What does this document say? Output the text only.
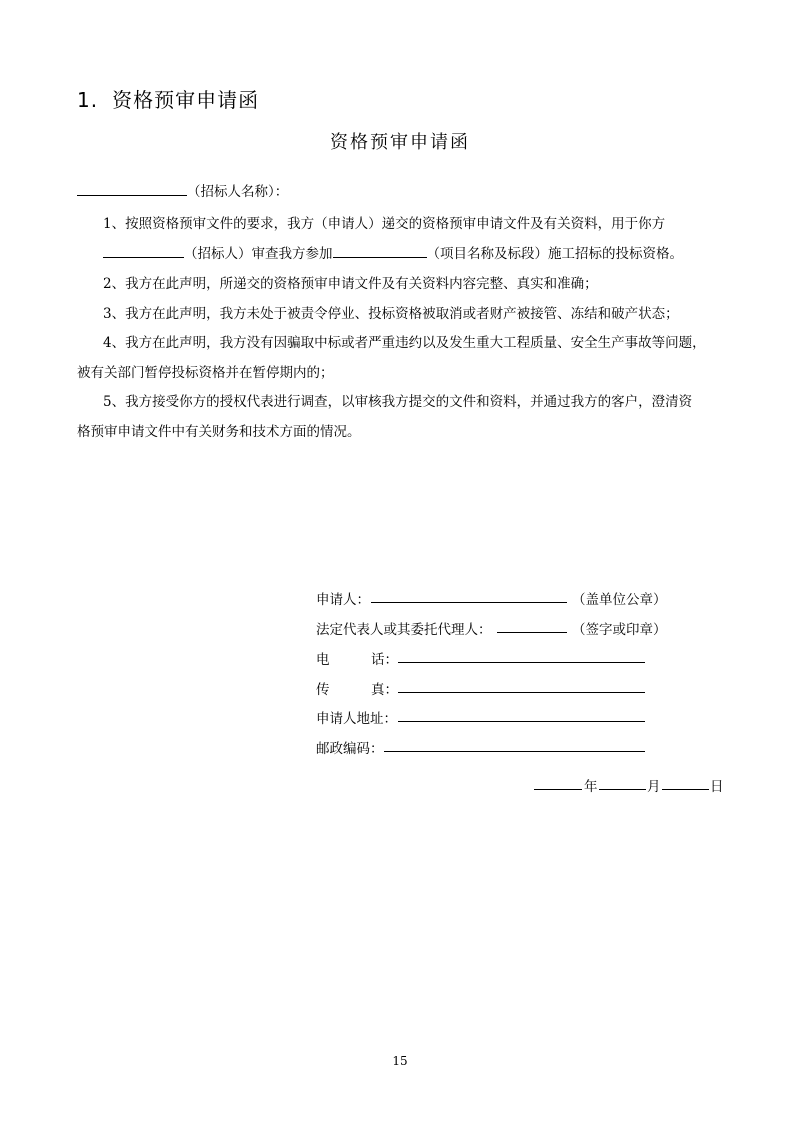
1. 资格预审申请函
资格预审申请函
（招标人名称）：
1、按照资格预审文件的要求，我方（申请人）递交的资格预审申请文件及有关资料，用于你方
（招标人）审查我方参加	（项目名称及标段）施工招标的投标资格。
2、我方在此声明，所递交的资格预审申请文件及有关资料内容完整、真实和准确；
3、我方在此声明，我方未处于被责令停业、投标资格被取消或者财产被接管、冻结和破产状态；
4、我方在此声明，我方没有因骗取中标或者严重违约以及发生重大工程质量、安全生产事故等问题，
被有关部门暂停投标资格并在暂停期内的；
5、我方接受你方的授权代表进行调查，以审核我方提交的文件和资料，并通过我方的客户，澄清资
格预审申请文件中有关财务和技术方面的情况。
申请人：	（盖单位公章）
法定代表人或其委托代理人：	（签字或印章）
电	话：
传	真：
申请人地址：
邮政编码：
年	月	日
15
